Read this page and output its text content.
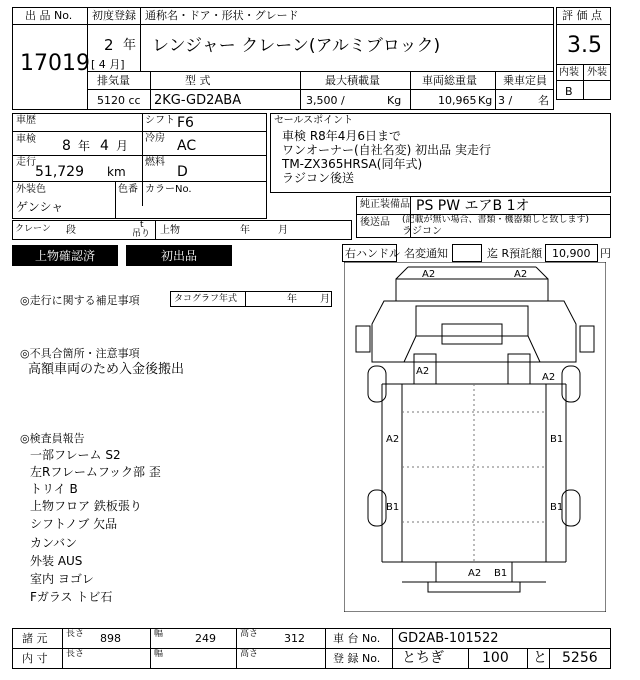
出 品 No.
17019
初度登録
2 年
[ 4 月]
通称名・ドア・形状・グレード
レンジャー クレーン(アルミブロック)
排気量	型 式	最大積載量	車両総重量 乗車定員
5120 cc 2KG-GD2ABA	3,500 /	Kg	10,965 Kg 3 / 名
評 価 点
3.5
内装 外装
B
車歴	シフト F6
車検 8 年 4 月
冷房 AC
走行
51,729 km
燃料
D
外装色
ゲンシャ
色番 カラーNo.
セールスポイント
車検 R8年4月6日まで
ワンオーナー(自社名変) 初出品 実走行
TM-ZX365HRSA(同年式)
ラジコン後送
純正装備品 PS PW エアB 1オ
後送品 (記載が無い場合、書類・機器類しと致します)
ラジコン
クレーン 段	t
吊り 上物	年	月
上物確認済	初出品	右ハンドル 名変通知	迄 R預託額 10,900 円
◎走行に関する補足事項	タコグラフ年式	年 月
◎不具合箇所・注意事項
高額車両のため入金後搬出
◎検査員報告
一部フレーム S2
左Rフレームフック部 歪
トリイ B
上物フロア 鉄板張り
シフトノブ 欠品
カンバン
外装 AUS
室内 ヨゴレ
Fガラス トビ石
A2	A2
A2
A2
A2	B1
B1	B1
A2 B1
諸 元 長さ 898	幅	249	高さ 312	車 台 No. GD2AB-101522
内 寸 長さ	幅	高さ	登 録 No. とちぎ	100 と 5256
